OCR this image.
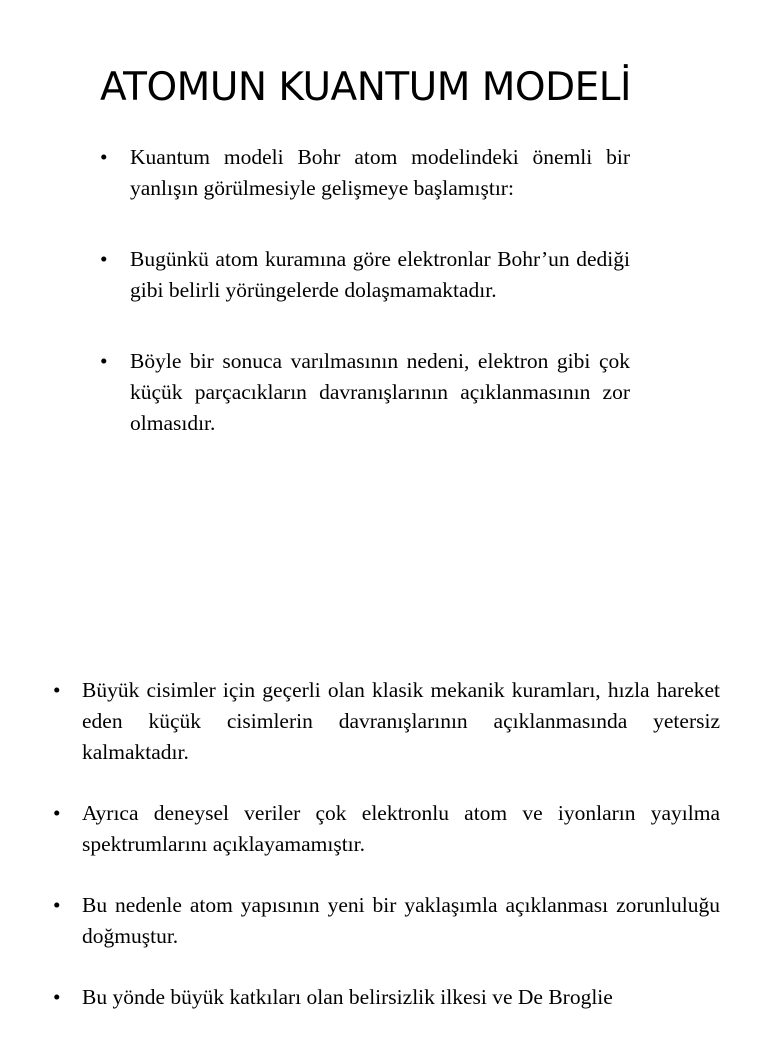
ATOMUN KUANTUM MODELİ
• Kuantum modeli Bohr atom modelindeki önemli bir yanlışın görülmesiyle gelişmeye başlamıştır:
• Bugünkü atom kuramına göre elektronlar Bohr’un dediği gibi belirli yörüngelerde dolaşmamaktadır.
• Böyle bir sonuca varılmasının nedeni, elektron gibi çok küçük parçacıkların davranışlarının açıklanmasının zor olmasıdır.
• Büyük cisimler için geçerli olan klasik mekanik kuramları, hızla hareket eden küçük cisimlerin davranışlarının açıklanmasında yetersiz kalmaktadır.
• Ayrıca deneysel veriler çok elektronlu atom ve iyonların yayılma spektrumlarını açıklayamamıştır.
• Bu nedenle atom yapısının yeni bir yaklaşımla açıklanması zorunluluğu doğmuştur.
• Bu yönde büyük katkıları olan belirsizlik ilkesi ve De Broglie
